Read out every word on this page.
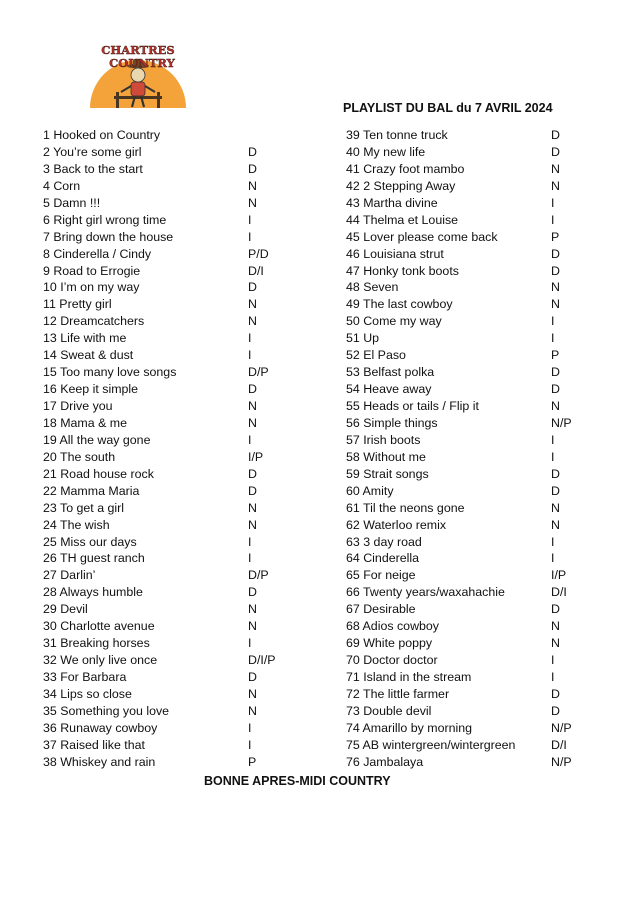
CHARTRES
COUNTRY
PLAYLIST DU BAL du 7 AVRIL 2024
1 Hooked on Country
2 You’re some girl	D
3 Back to the start	D
4 Corn	N
5 Damn !!!	N
6 Right girl wrong time	I
7 Bring down the house	I
8 Cinderella / Cindy	P/D
9 Road to Errogie	D/I
10 I’m on my way	D
11 Pretty girl	N
12 Dreamcatchers	N
13 Life with me	I
14 Sweat & dust	I
15 Too many love songs	D/P
16 Keep it simple	D
17 Drive you	N
18 Mama & me	N
19 All the way gone	I
20 The south	I/P
21 Road house rock	D
22 Mamma Maria	D
23 To get a girl	N
24 The wish	N
25 Miss our days	I
26 TH guest ranch	I
27 Darlin’	D/P
28 Always humble	D
29 Devil	N
30 Charlotte avenue	N
31 Breaking horses	I
32 We only live once	D/I/P
33 For Barbara	D
34 Lips so close	N
35 Something you love	N
36 Runaway cowboy	I
37 Raised like that	I
38 Whiskey and rain	P
39 Ten tonne truck	D
40 My new life	D
41 Crazy foot mambo	N
42 2 Stepping Away	N
43 Martha divine	I
44 Thelma et Louise	I
45 Lover please come back	P
46 Louisiana strut	D
47 Honky tonk boots	D
48 Seven	N
49 The last cowboy	N
50 Come my way	I
51 Up	I
52 El Paso	P
53 Belfast polka	D
54 Heave away	D
55 Heads or tails / Flip it	N
56 Simple things	N/P
57 Irish boots	I
58 Without me	I
59 Strait songs	D
60 Amity	D
61 Til the neons gone	N
62 Waterloo remix	N
63 3 day road	I
64 Cinderella	I
65 For neige	I/P
66 Twenty years/waxahachie	D/I
67 Desirable	D
68 Adios cowboy	N
69 White poppy	N
70 Doctor doctor	I
71 Island in the stream	I
72 The little farmer	D
73 Double devil	D
74 Amarillo by morning	N/P
75 AB wintergreen/wintergreen	D/I
76 Jambalaya	N/P
BONNE APRES-MIDI COUNTRY
